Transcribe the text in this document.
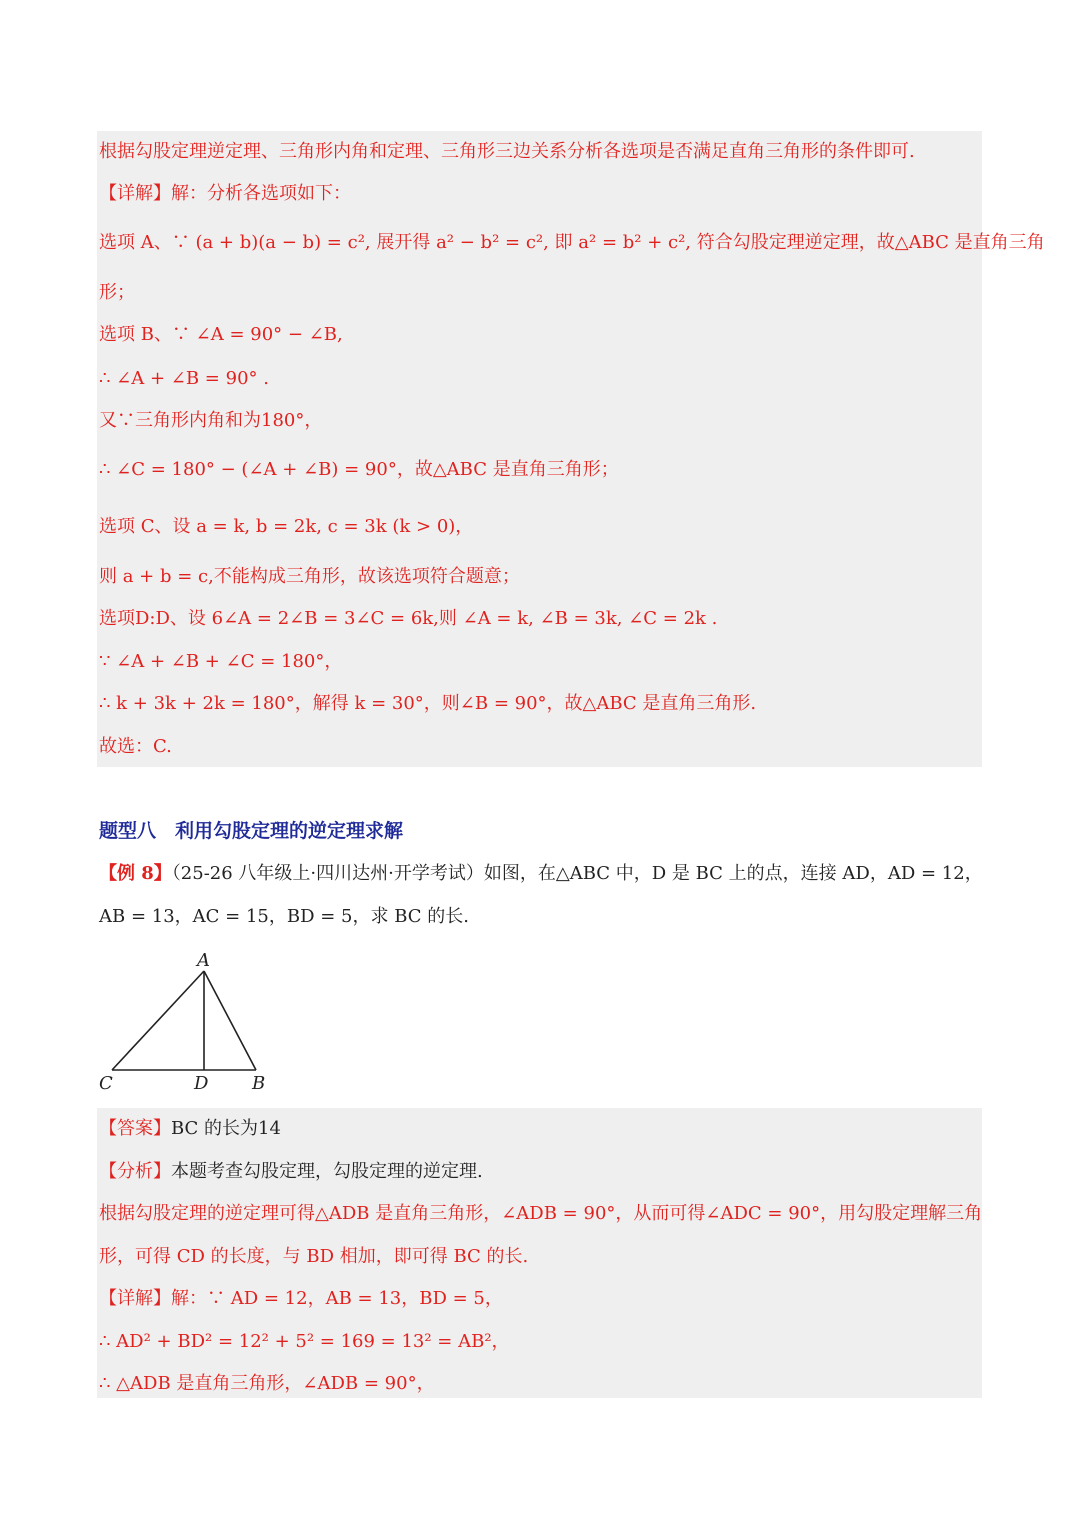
根据勾股定理逆定理、三角形内角和定理、三角形三边关系分析各选项是否满足直角三角形的条件即可.
【详解】解：分析各选项如下：
选项 A、∵ (a + b)(a − b) = c², 展开得 a² − b² = c², 即 a² = b² + c², 符合勾股定理逆定理，故△ABC 是直角三角
形；
选项 B、∵ ∠A = 90° − ∠B,
∴ ∠A + ∠B = 90° .
又∵三角形内角和为180°，
∴ ∠C = 180° − (∠A + ∠B) = 90°，故△ABC 是直角三角形；
选项 C、设 a = k, b = 2k, c = 3k (k > 0)，
则 a + b = c,不能构成三角形，故该选项符合题意；
选项D:D、设 6∠A = 2∠B = 3∠C = 6k,则 ∠A = k, ∠B = 3k, ∠C = 2k .
∵ ∠A + ∠B + ∠C = 180°，
∴ k + 3k + 2k = 180°，解得 k = 30°，则∠B = 90°，故△ABC 是直角三角形.
故选：C.
题型八　利用勾股定理的逆定理求解
【例 8】（25-26 八年级上·四川达州·开学考试）如图，在△ABC 中，D 是 BC 上的点，连接 AD，AD = 12，
AB = 13，AC = 15，BD = 5，求 BC 的长.
A
C	D B
【答案】BC 的长为14
【分析】本题考查勾股定理，勾股定理的逆定理.
根据勾股定理的逆定理可得△ADB 是直角三角形，∠ADB = 90°，从而可得∠ADC = 90°，用勾股定理解三角
形，可得 CD 的长度，与 BD 相加，即可得 BC 的长.
【详解】解：∵ AD = 12，AB = 13，BD = 5，
∴ AD² + BD² = 12² + 5² = 169 = 13² = AB²，
∴ △ADB 是直角三角形，∠ADB = 90°，
